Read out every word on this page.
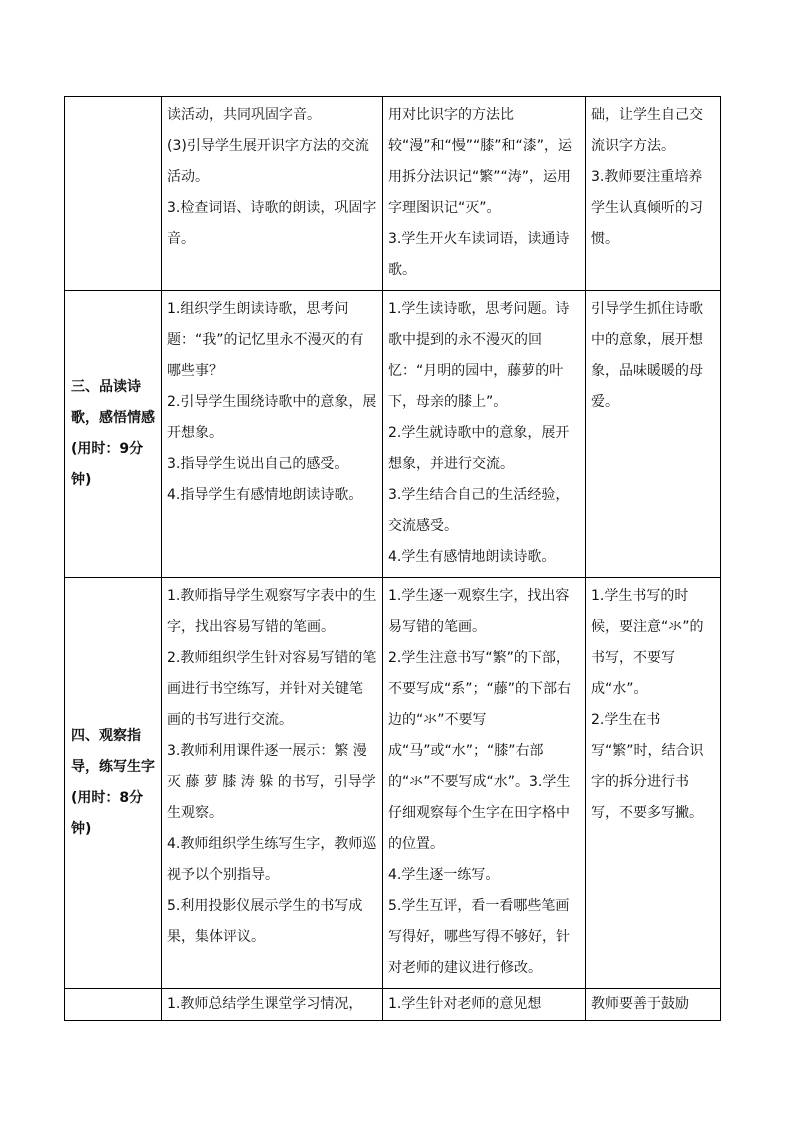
	读活动，共同巩固字音。
(3)引导学生展开识字方法的交流活动。
3.检查词语、诗歌的朗读，巩固字音。	用对比识字的方法比较“漫”和“慢”“膝”和“漆”，运用拆分法识记“繁”“涛”，运用字理图识记“灭”。
3.学生开火车读词语，读通诗歌。	础，让学生自己交流识字方法。
3.教师要注重培养学生认真倾听的习惯。

三、品读诗歌，感悟情感(用时：9分钟)	1.组织学生朗读诗歌，思考问题：“我”的记忆里永不漫灭的有哪些事？
2.引导学生围绕诗歌中的意象，展开想象。
3.指导学生说出自己的感受。
4.指导学生有感情地朗读诗歌。	1.学生读诗歌，思考问题。诗歌中提到的永不漫灭的回忆：“月明的园中，藤萝的叶下，母亲的膝上”。
2.学生就诗歌中的意象，展开想象，并进行交流。
3.学生结合自己的生活经验，交流感受。
4.学生有感情地朗读诗歌。	引导学生抓住诗歌中的意象，展开想象，品味暖暖的母爱。

四、观察指导，练写生字(用时：8分钟)	1.教师指导学生观察写字表中的生字，找出容易写错的笔画。
2.教师组织学生针对容易写错的笔画进行书空练写，并针对关键笔 画的书写进行交流。
3.教师利用课件逐一展示：繁 漫 灭 藤 萝 膝 涛 躲 的书写，引导学生观察。
4.教师组织学生练写生字，教师巡视予以个别指导。
5.利用投影仪展示学生的书写成果，集体评议。	1.学生逐一观察生字，找出容易写错的笔画。
2.学生注意书写“繁”的下部，不要写成“系”；“藤”的下部右边的“氺”不要写成“马”或“水”；“膝”右部的“氺”不要写成“水”。3.学生仔细观察每个生字在田字格中的位置。
4.学生逐一练写。
5.学生互评，看一看哪些笔画写得好，哪些写得不够好，针对老师的建议进行修改。	1.学生书写的时候，要注意“氺”的书写，不要写成“水”。
2.学生在书写“繁”时，结合识字的拆分进行书写，不要多写撇。

	1.教师总结学生课堂学习情况，	1.学生针对老师的意见想	教师要善于鼓励
